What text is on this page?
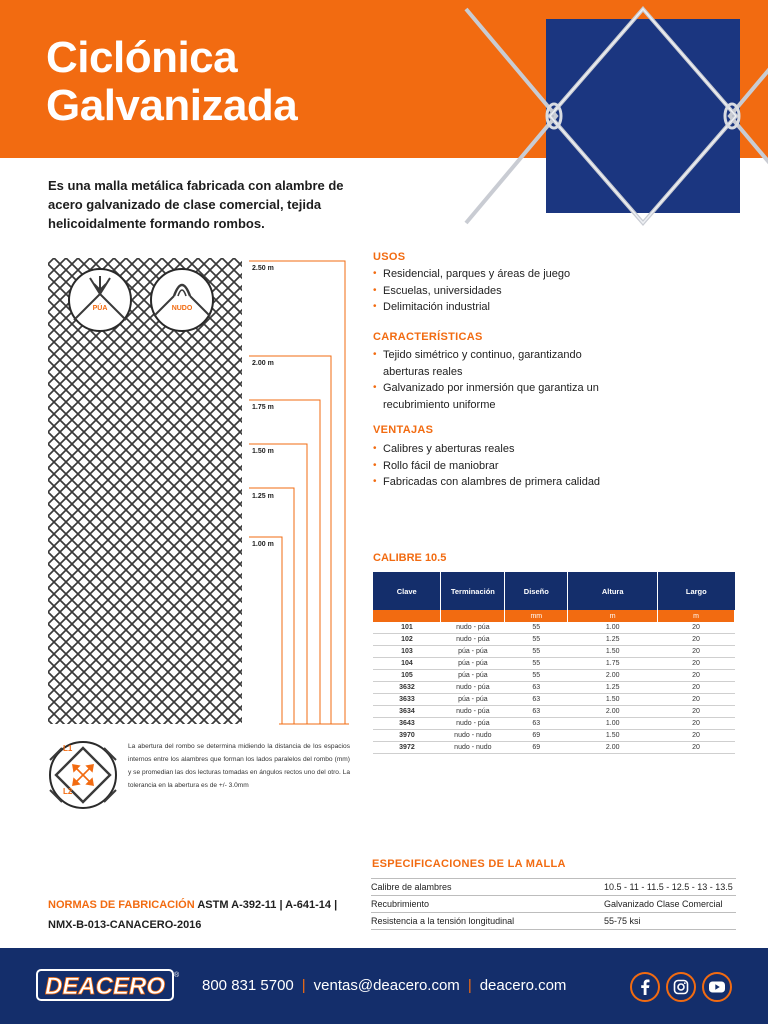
Ciclónica
Galvanizada

Es una malla metálica fabricada con alambre de acero galvanizado de clase comercial, tejida helicoidalmente formando rombos.

PÚA	NUDO
2.50 m
2.00 m
1.75 m
1.50 m
1.25 m
1.00 m
USOS
• Residencial, parques y áreas de juego
• Escuelas, universidades
• Delimitación industrial
CARACTERÍSTICAS
• Tejido simétrico y continuo, garantizando aberturas reales
• Galvanizado por inmersión que garantiza un recubrimiento uniforme
VENTAJAS
• Calibres y aberturas reales
• Rollo fácil de maniobrar
• Fabricadas con alambres de primera calidad
CALIBRE 10.5
Clave	Terminación	Diseño	Altura	Largo
		mm	m	m
101	nudo - púa	55	1.00	20
102	nudo - púa	55	1.25	20
103	púa - púa	55	1.50	20
104	púa - púa	55	1.75	20
105	púa - púa	55	2.00	20
3632	nudo - púa	63	1.25	20
3633	púa - púa	63	1.50	20
3634	nudo - púa	63	2.00	20
3643	nudo - púa	63	1.00	20
3970	nudo - nudo	69	1.50	20
3972	nudo - nudo	69	2.00	20
L1
L2

La abertura del rombo se determina midiendo la distancia de los espacios internos entre los alambres que forman los lados paralelos del rombo (mm) y se promedian las dos lecturas tomadas en ángulos rectos uno del otro. La tolerancia en la abertura es de +/- 3.0mm

NORMAS DE FABRICACIÓN ASTM A-392-11 | A-641-14 | NMX-B-013-CANACERO-2016

ESPECIFICACIONES DE LA MALLA
Calibre de alambres	10.5 - 11 - 11.5 - 12.5 - 13 - 13.5
Recubrimiento	Galvanizado Clase Comercial
Resistencia a la tensión longitudinal	55-75 ksi
DEACERO ®
800 831 5700 | ventas@deacero.com | deacero.com
